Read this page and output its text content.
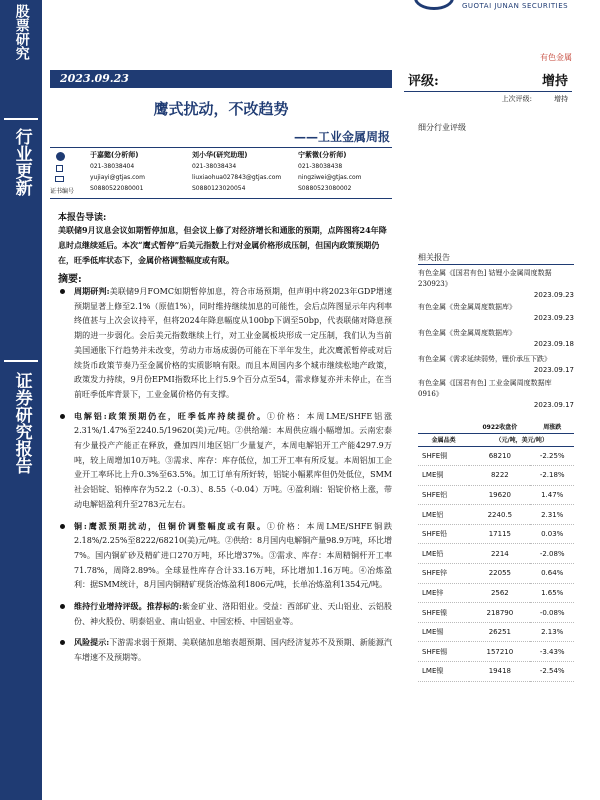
股票研究
行业更新
证券研究报告
GUOTAI JUNAN SECURITIES
有色金属
2023.09.23
鹰式扰动，不改趋势
——工业金属周报
评级:	增持
上次评级:	增持
细分行业评级
证书编号
于嘉懿(分析师)
021-38038404
yujiayi@gtjas.com
S0880522080001
刘小华(研究助理)
021-38038434
liuxiaohua027843@gtjas.com
S0880123020054
宁紫微(分析师)
021-38038438
ningziwei@gtjas.com
S0880523080002
本报告导读:
美联储9月议息会议如期暂停加息，但会议上修了对经济增长和通胀的预期，点阵图将24年降息时点继续延后。本次“鹰式暂停”后美元指数上行对金属价格形成压制，但国内政策预期仍在，旺季低库状态下，金属价格调整幅度或有限。
摘要:
周期研判:美联储9月FOMC如期暂停加息，符合市场预期，但声明中将2023年GDP增速预期显著上修至2.1%（原值1%），同时维持继续加息的可能性，会后点阵图显示年内利率终值甚与上次会议持平，但将2024年降息幅度从100bp下调至50bp，代表联储对降息预期的进一步弱化。会后美元指数继续上行，对工业金属板块形成一定压制，我们认为当前美国通胀下行趋势并未改变，劳动力市场成弱仍可能在下半年发生，此次鹰派暂停或对后续货币政策节奏乃至金属价格的实质影响有限。而且本周国内多个城市继续松地产政策，政策发力持续，9月份EPMI指数环比上行5.9个百分点至54，需求修复亦并未停止，在当前旺季低库背景下，工业金属价格仍有支撑。
电解铝:政策预期仍在，旺季低库持续提价。①价格：本周LME/SHFE铝涨2.31%/1.47%至2240.5/19620(美)元/吨。②供给端：本周供应端小幅增加。云南宏泰有少量投产产能正在释放，叠加四川地区铝厂少量复产，本周电解铝开工产能4297.9万吨，较上周增加10万吨。③需求、库存：库存低位，加工开工率有所反复。本周铝加工企业开工率环比上升0.3%至63.5%。加工订单有所好转，铝锭小幅累库但仍处低位，SMM社会铝锭、铝棒库存为52.2（-0.3）、8.55（-0.04）万吨。④盈利端：铝锭价格上涨，带动电解铝盈利升至2783元左右。
铜:鹰派预期扰动，但铜价调整幅度或有限。①价格：本周LME/SHFE铜跌2.18%/2.25%至8222/68210(美)元/吨。②供给：8月国内电解铜产量98.9万吨，环比增7%。国内铜矿砂及精矿进口270万吨，环比增37%。③需求、库存：本周精铜杆开工率71.78%，周降2.89%。全球显性库存合计33.16万吨，环比增加1.16万吨。④冶炼盈利：据SMM统计，8月国内铜精矿现货冶炼盈利1806元/吨，长单冶炼盈利1354元/吨。
维持行业增持评级。推荐标的:紫金矿业、洛阳钼业。受益：西部矿业、天山铝业、云铝股份、神火股份、明泰铝业、南山铝业、中国宏桥、中国铝业等。
风险提示:下游需求弱于预期、美联储加息缩表超预期、国内经济复苏不及预期、新能源汽车增速不及预期等。
相关报告
有色金属《[国君有色] 钴锂小金属周度数据 230923》
2023.09.23
有色金属《贵金属周度数据库》
2023.09.23
有色金属《贵金属周度数据库》
2023.09.18
有色金属《需求延续弱势，锂价承压下跌》
2023.09.17
有色金属《[国君有色] 工业金属周度数据库 0916》
2023.09.17
	0922收盘价	周涨跌
金属品类	（元/吨，美元/吨）	
SHFE铜	68210	-2.25%
LME铜	8222	-2.18%
SHFE铝	19620	1.47%
LME铝	2240.5	2.31%
SHFE铅	17115	0.03%
LME铅	2214	-2.08%
SHFE锌	22055	0.64%
LME锌	2562	1.65%
SHFE镍	218790	-0.08%
LME锡	26251	2.13%
SHFE锡	157210	-3.43%
LME镍	19418	-2.54%
